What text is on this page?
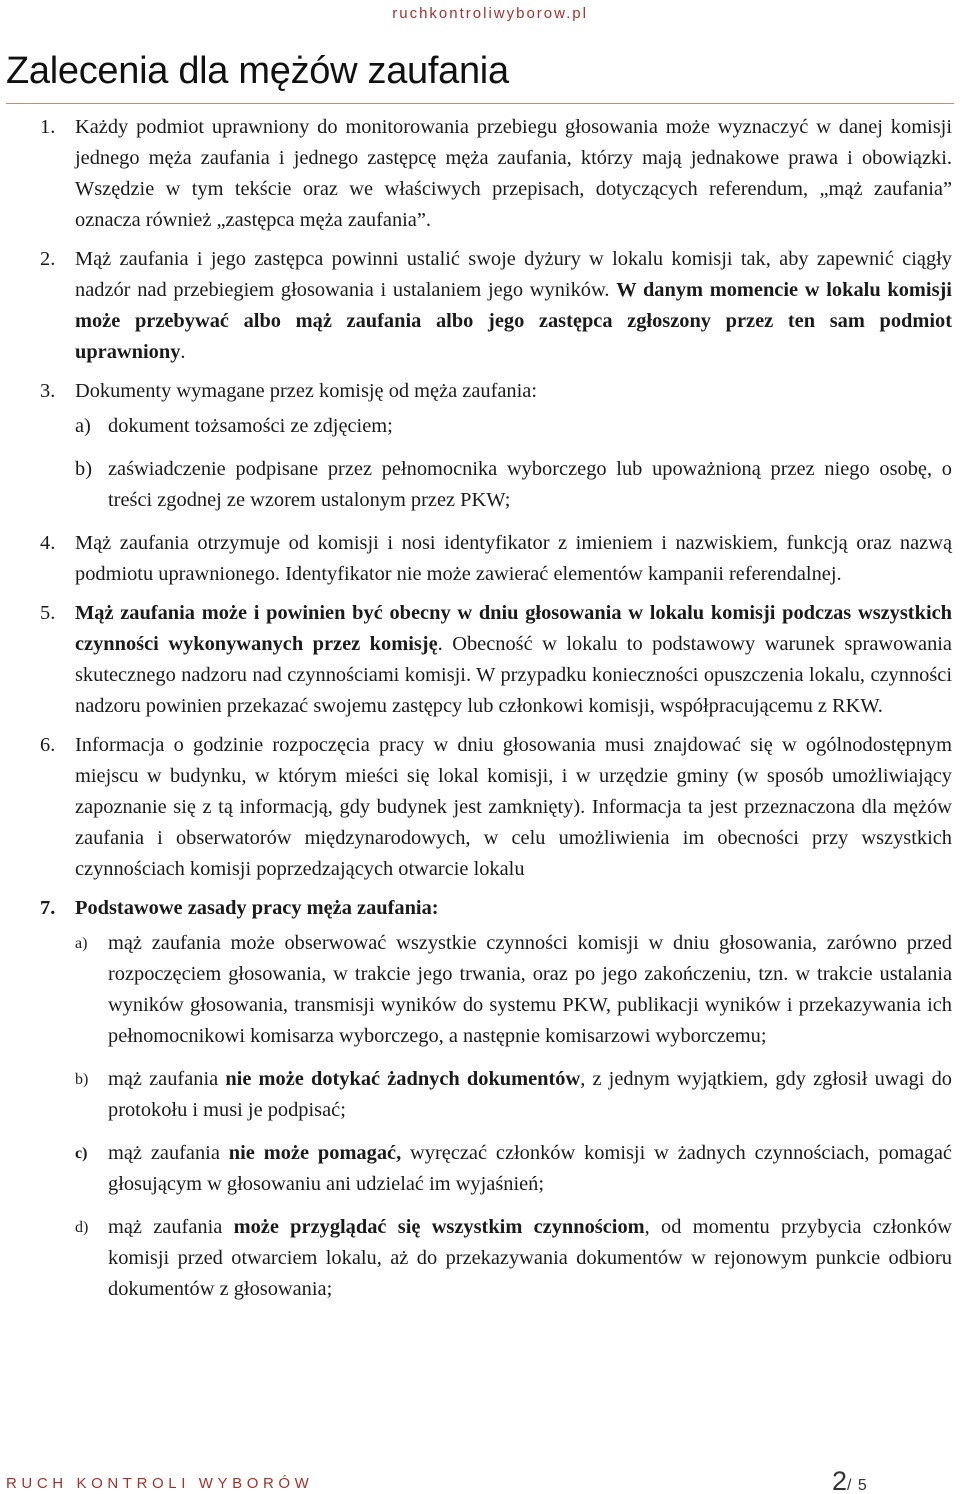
ruchkontroliwyborow.pl
Zalecenia dla mężów zaufania
1. Każdy podmiot uprawniony do monitorowania przebiegu głosowania może wyznaczyć w danej komisji jednego męża zaufania i jednego zastępcę męża zaufania, którzy mają jednakowe prawa i obowiązki. Wszędzie w tym tekście oraz we właściwych przepisach, dotyczących referendum, „mąż zaufania” oznacza również „zastępca męża zaufania”.
2. Mąż zaufania i jego zastępca powinni ustalić swoje dyżury w lokalu komisji tak, aby zapewnić ciągły nadzór nad przebiegiem głosowania i ustalaniem jego wyników. W danym momencie w lokalu komisji może przebywać albo mąż zaufania albo jego zastępca zgłoszony przez ten sam podmiot uprawniony.
3. Dokumenty wymagane przez komisję od męża zaufania:
a) dokument tożsamości ze zdjęciem;
b) zaświadczenie podpisane przez pełnomocnika wyborczego lub upoważnioną przez niego osobę, o treści zgodnej ze wzorem ustalonym przez PKW;
4. Mąż zaufania otrzymuje od komisji i nosi identyfikator z imieniem i nazwiskiem, funkcją oraz nazwą podmiotu uprawnionego. Identyfikator nie może zawierać elementów kampanii referendalnej.
5. Mąż zaufania może i powinien być obecny w dniu głosowania w lokalu komisji podczas wszystkich czynności wykonywanych przez komisję. Obecność w lokalu to podstawowy warunek sprawowania skutecznego nadzoru nad czynnościami komisji. W przypadku konieczności opuszczenia lokalu, czynności nadzoru powinien przekazać swojemu zastępcy lub członkowi komisji, współpracującemu z RKW.
6. Informacja o godzinie rozpoczęcia pracy w dniu głosowania musi znajdować się w ogólnodostępnym miejscu w budynku, w którym mieści się lokal komisji, i w urzędzie gminy (w sposób umożliwiający zapoznanie się z tą informacją, gdy budynek jest zamknięty). Informacja ta jest przeznaczona dla mężów zaufania i obserwatorów międzynarodowych, w celu umożliwienia im obecności przy wszystkich czynnościach komisji poprzedzających otwarcie lokalu
7. Podstawowe zasady pracy męża zaufania:
a) mąż zaufania może obserwować wszystkie czynności komisji w dniu głosowania, zarówno przed rozpoczęciem głosowania, w trakcie jego trwania, oraz po jego zakończeniu, tzn. w trakcie ustalania wyników głosowania, transmisji wyników do systemu PKW, publikacji wyników i przekazywania ich pełnomocnikowi komisarza wyborczego, a następnie komisarzowi wyborczemu;
b) mąż zaufania nie może dotykać żadnych dokumentów, z jednym wyjątkiem, gdy zgłosił uwagi do protokołu i musi je podpisać;
c) mąż zaufania nie może pomagać, wyręczać członków komisji w żadnych czynnościach, pomagać głosującym w głosowaniu ani udzielać im wyjaśnień;
d) mąż zaufania może przyglądać się wszystkim czynnościom, od momentu przybycia członków komisji przed otwarciem lokalu, aż do przekazywania dokumentów w rejonowym punkcie odbioru dokumentów z głosowania;
RUCH KONTROLI WYBORÓW	2/ 5
